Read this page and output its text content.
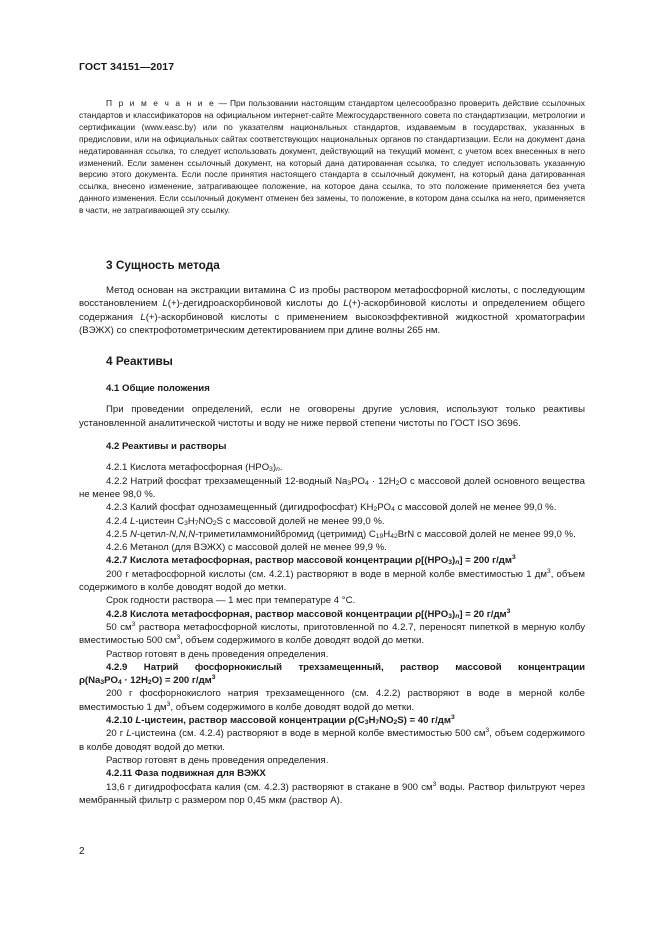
ГОСТ 34151—2017

П р и м е ч а н и е — При пользовании настоящим стандартом целесообразно проверить действие ссылочных стандартов и классификаторов на официальном интернет-сайте Межгосударственного совета по стандартизации, метрологии и сертификации (www.easc.by) или по указателям национальных стандартов, издаваемым в государствах, указанных в предисловии, или на официальных сайтах соответствующих национальных органов по стандартизации. Если на документ дана недатированная ссылка, то следует использовать документ, действующий на текущий момент, с учетом всех внесенных в него изменений. Если заменен ссылочный документ, на который дана датированная ссылка, то следует использовать указанную версию этого документа. Если после принятия настоящего стандарта в ссылочный документ, на который дана датированная ссылка, внесено изменение, затрагивающее положение, на которое дана ссылка, то это положение применяется без учета данного изменения. Если ссылочный документ отменен без замены, то положение, в котором дана ссылка на него, применяется в части, не затрагивающей эту ссылку.

3 Сущность метода

Метод основан на экстракции витамина С из пробы раствором метафосфорной кислоты, с последующим восстановлением L(+)-дегидроаскорбиновой кислоты до L(+)-аскорбиновой кислоты и определением общего содержания L(+)-аскорбиновой кислоты с применением высокоэффективной жидкостной хроматографии (ВЭЖХ) со спектрофотометрическим детектированием при длине волны 265 нм.

4 Реактивы

4.1 Общие положения

При проведении определений, если не оговорены другие условия, используют только реактивы установленной аналитической чистоты и воду не ниже первой степени чистоты по ГОСТ ISO 3696.

4.2 Реактивы и растворы

4.2.1 Кислота метафосфорная $(HPO_3)_n$.

4.2.2 Натрий фосфат трехзамещенный 12-водный $Na_3PO_4 \cdot 12H_2O$ с массовой долей основного вещества не менее 98,0 %.

4.2.3 Калий фосфат однозамещенный (дигидрофосфат) $KH_2PO_4$ с массовой долей не менее 99,0 %.

4.2.4 L-цистеин $C_3H_7NO_2S$ с массовой долей не менее 99,0 %.

4.2.5 N-цетил-N,N,N-триметиламмонийбромид (цетримид) $C_{19}H_{42}BrN$ с массовой долей не менее 99,0 %.

4.2.6 Метанол (для ВЭЖХ) с массовой долей не менее 99,9 %.

4.2.7 Кислота метафосфорная, раствор массовой концентрации $\rho[(HPO_3)_n] = 200$ $г/дм^3$

200 г метафосфорной кислоты (см. 4.2.1) растворяют в воде в мерной колбе вместимостью 1 $дм^3$, объем содержимого в колбе доводят водой до метки.

Срок годности раствора — 1 мес при температуре 4 °С.

4.2.8 Кислота метафосфорная, раствор массовой концентрации $\rho[(HPO_3)_n] = 20$ $г/дм^3$

50 $см^3$ раствора метафосфорной кислоты, приготовленной по 4.2.7, переносят пипеткой в мерную колбу вместимостью 500 $см^3$, объем содержимого в колбе доводят водой до метки.

Раствор готовят в день проведения определения.

4.2.9 Натрий фосфорнокислый трехзамещенный, раствор массовой концентрации

$\rho(Na_3PO_4 \cdot 12H_2O) = 200$ $г/дм^3$

200 г фосфорнокислого натрия трехзамещенного (см. 4.2.2) растворяют в воде в мерной колбе вместимостью 1 $дм^3$, объем содержимого в колбе доводят водой до метки.

4.2.10 L-цистеин, раствор массовой концентрации $\rho(C_3H_7NO_2S) = 40$ $г/дм^3$

20 г L-цистеина (см. 4.2.4) растворяют в воде в мерной колбе вместимостью 500 $см^3$, объем содержимого в колбе доводят водой до метки.

Раствор готовят в день проведения определения.

4.2.11 Фаза подвижная для ВЭЖХ

13,6 г дигидрофосфата калия (см. 4.2.3) растворяют в стакане в 900 $см^3$ воды. Раствор фильтруют через мембранный фильтр с размером пор 0,45 мкм (раствор А).

2
